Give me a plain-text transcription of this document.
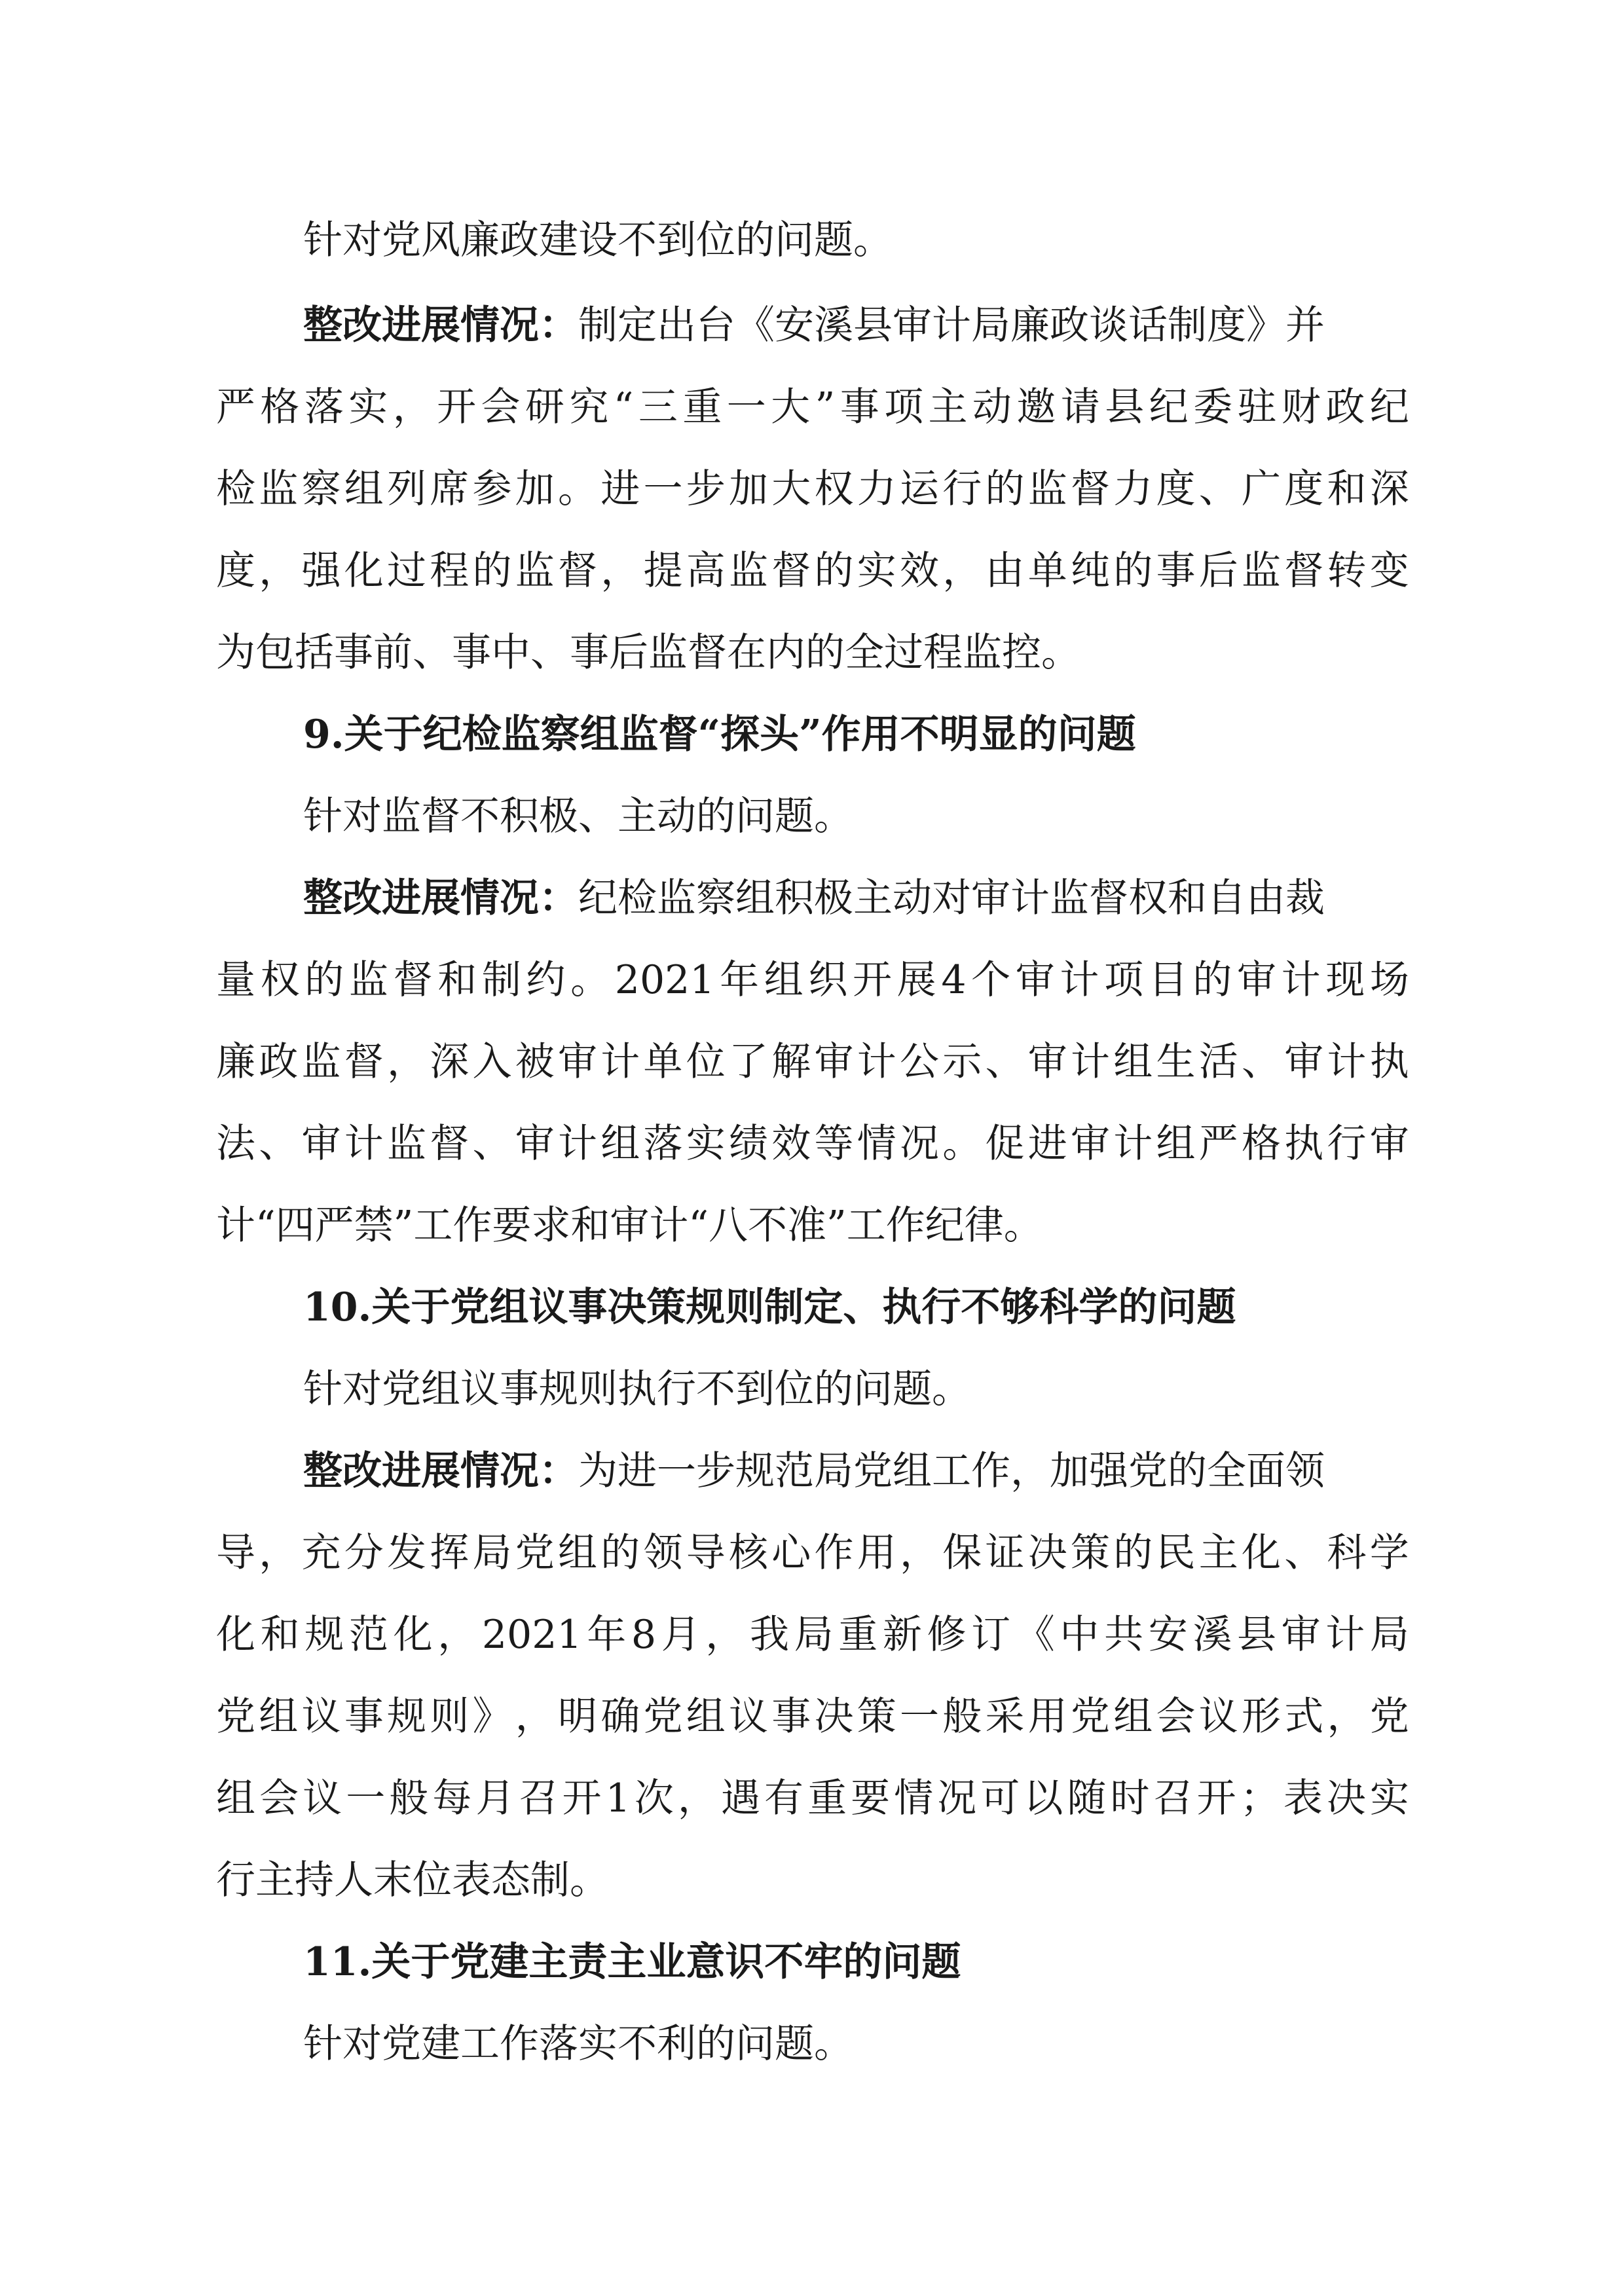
针对党风廉政建设不到位的问题。

整改进展情况：制定出台《安溪县审计局廉政谈话制度》并

严 格 落 实 ， 开 会 研 究 “ 三 重 一 大 ” 事 项 主 动 邀 请 县 纪 委 驻 财 政 纪

检 监 察 组 列 席 参 加 。 进 一 步 加 大 权 力 运 行 的 监 督 力 度 、 广 度 和 深

度 ， 强 化 过 程 的 监 督 ， 提 高 监 督 的 实 效 ， 由 单 纯 的 事 后 监 督 转 变

为包括事前、事中、事后监督在内的全过程监控。

9.关于纪检监察组监督“探头”作用不明显的问题

针对监督不积极、主动的问题。

整改进展情况：纪检监察组积极主动对审计监督权和自由裁

量 权 的 监 督 和 制 约 。 2021 年 组 织 开 展 4 个 审 计 项 目 的 审 计 现 场

廉 政 监 督 ， 深 入 被 审 计 单 位 了 解 审 计 公 示 、 审 计 组 生 活 、 审 计 执

法 、 审 计 监 督 、 审 计 组 落 实 绩 效 等 情 况 。 促 进 审 计 组 严 格 执 行 审

计“四严禁”工作要求和审计“八不准”工作纪律。

10.关于党组议事决策规则制定、执行不够科学的问题

针对党组议事规则执行不到位的问题。

整改进展情况：为进一步规范局党组工作，加强党的全面领

导 ， 充 分 发 挥 局 党 组 的 领 导 核 心 作 用 ， 保 证 决 策 的 民 主 化 、 科 学

化 和 规 范 化 ， 2021 年 8 月 ， 我 局 重 新 修 订 《 中 共 安 溪 县 审 计 局

党 组 议 事 规 则 》 ， 明 确 党 组 议 事 决 策 一 般 采 用 党 组 会 议 形 式 ， 党

组 会 议 一 般 每 月 召 开 1 次 ， 遇 有 重 要 情 况 可 以 随 时 召 开 ； 表 决 实

行主持人末位表态制。

11.关于党建主责主业意识不牢的问题

针对党建工作落实不利的问题。
